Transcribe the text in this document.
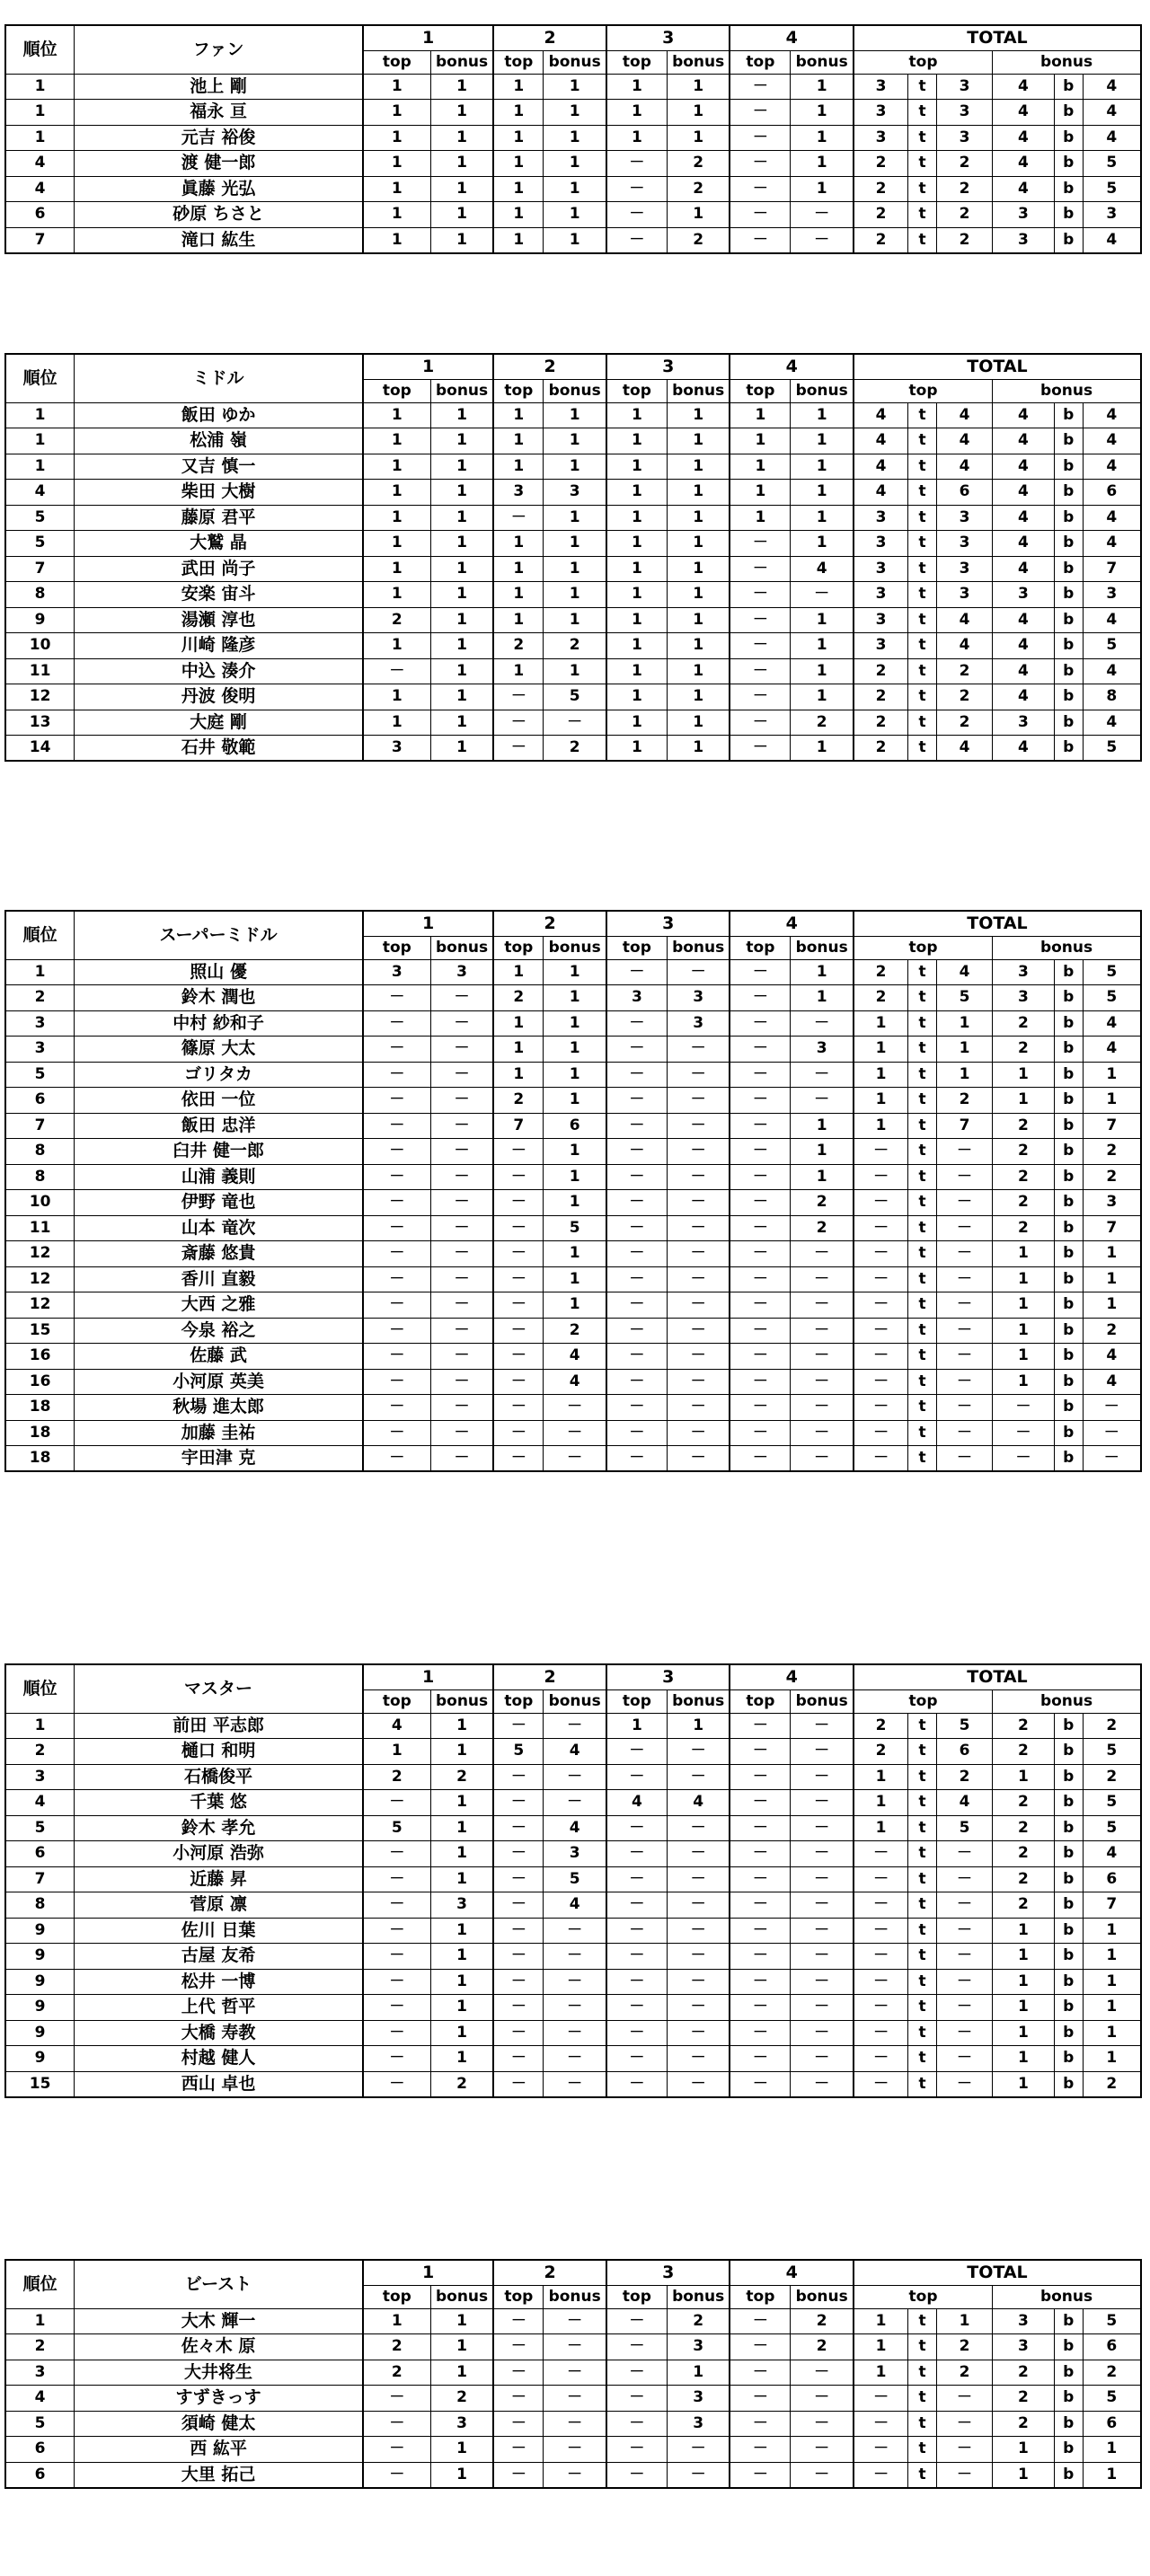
順位	ファン	1		2		3		4		TOTAL					
		top	bonus	top	bonus	top	bonus	top	bonus	top			bonus		
1	池上 剛	1	1	1	1	1	1	－	1	3	t	3	4	b	4
1	福永 亘	1	1	1	1	1	1	－	1	3	t	3	4	b	4
1	元吉 裕俊	1	1	1	1	1	1	－	1	3	t	3	4	b	4
4	渡 健一郎	1	1	1	1	－	2	－	1	2	t	2	4	b	5
4	眞藤 光弘	1	1	1	1	－	2	－	1	2	t	2	4	b	5
6	砂原 ちさと	1	1	1	1	－	1	－	－	2	t	2	3	b	3
7	滝口 紘生	1	1	1	1	－	2	－	－	2	t	2	3	b	4
順位	ミドル	1		2		3		4		TOTAL					
		top	bonus	top	bonus	top	bonus	top	bonus	top			bonus		
1	飯田 ゆか	1	1	1	1	1	1	1	1	4	t	4	4	b	4
1	松浦 嶺	1	1	1	1	1	1	1	1	4	t	4	4	b	4
1	又吉 慎一	1	1	1	1	1	1	1	1	4	t	4	4	b	4
4	柴田 大樹	1	1	3	3	1	1	1	1	4	t	6	4	b	6
5	藤原 君平	1	1	－	1	1	1	1	1	3	t	3	4	b	4
5	大鷲 晶	1	1	1	1	1	1	－	1	3	t	3	4	b	4
7	武田 尚子	1	1	1	1	1	1	－	4	3	t	3	4	b	7
8	安楽 宙斗	1	1	1	1	1	1	－	－	3	t	3	3	b	3
9	湯瀬 淳也	2	1	1	1	1	1	－	1	3	t	4	4	b	4
10	川崎 隆彦	1	1	2	2	1	1	－	1	3	t	4	4	b	5
11	中込 湊介	－	1	1	1	1	1	－	1	2	t	2	4	b	4
12	丹波 俊明	1	1	－	5	1	1	－	1	2	t	2	4	b	8
13	大庭 剛	1	1	－	－	1	1	－	2	2	t	2	3	b	4
14	石井 敬範	3	1	－	2	1	1	－	1	2	t	4	4	b	5
順位	スーパーミドル	1		2		3		4		TOTAL					
		top	bonus	top	bonus	top	bonus	top	bonus	top			bonus		
1	照山 優	3	3	1	1	－	－	－	1	2	t	4	3	b	5
2	鈴木 潤也	－	－	2	1	3	3	－	1	2	t	5	3	b	5
3	中村 紗和子	－	－	1	1	－	3	－	－	1	t	1	2	b	4
3	篠原 大太	－	－	1	1	－	－	－	3	1	t	1	2	b	4
5	ゴリタカ	－	－	1	1	－	－	－	－	1	t	1	1	b	1
6	依田 一位	－	－	2	1	－	－	－	－	1	t	2	1	b	1
7	飯田 忠洋	－	－	7	6	－	－	－	1	1	t	7	2	b	7
8	臼井 健一郎	－	－	－	1	－	－	－	1	－	t	－	2	b	2
8	山浦 義則	－	－	－	1	－	－	－	1	－	t	－	2	b	2
10	伊野 竜也	－	－	－	1	－	－	－	2	－	t	－	2	b	3
11	山本 竜次	－	－	－	5	－	－	－	2	－	t	－	2	b	7
12	斎藤 悠貴	－	－	－	1	－	－	－	－	－	t	－	1	b	1
12	香川 直毅	－	－	－	1	－	－	－	－	－	t	－	1	b	1
12	大西 之雅	－	－	－	1	－	－	－	－	－	t	－	1	b	1
15	今泉 裕之	－	－	－	2	－	－	－	－	－	t	－	1	b	2
16	佐藤 武	－	－	－	4	－	－	－	－	－	t	－	1	b	4
16	小河原 英美	－	－	－	4	－	－	－	－	－	t	－	1	b	4
18	秋場 進太郎	－	－	－	－	－	－	－	－	－	t	－	－	b	－
18	加藤 圭祐	－	－	－	－	－	－	－	－	－	t	－	－	b	－
18	宇田津 克	－	－	－	－	－	－	－	－	－	t	－	－	b	－
順位	マスター	1		2		3		4		TOTAL					
		top	bonus	top	bonus	top	bonus	top	bonus	top			bonus		
1	前田 平志郎	4	1	－	－	1	1	－	－	2	t	5	2	b	2
2	樋口 和明	1	1	5	4	－	－	－	－	2	t	6	2	b	5
3	石橋俊平	2	2	－	－	－	－	－	－	1	t	2	1	b	2
4	千葉 悠	－	1	－	－	4	4	－	－	1	t	4	2	b	5
5	鈴木 孝允	5	1	－	4	－	－	－	－	1	t	5	2	b	5
6	小河原 浩弥	－	1	－	3	－	－	－	－	－	t	－	2	b	4
7	近藤 昇	－	1	－	5	－	－	－	－	－	t	－	2	b	6
8	菅原 凛	－	3	－	4	－	－	－	－	－	t	－	2	b	7
9	佐川 日葉	－	1	－	－	－	－	－	－	－	t	－	1	b	1
9	古屋 友希	－	1	－	－	－	－	－	－	－	t	－	1	b	1
9	松井 一博	－	1	－	－	－	－	－	－	－	t	－	1	b	1
9	上代 哲平	－	1	－	－	－	－	－	－	－	t	－	1	b	1
9	大橋 寿教	－	1	－	－	－	－	－	－	－	t	－	1	b	1
9	村越 健人	－	1	－	－	－	－	－	－	－	t	－	1	b	1
15	西山 卓也	－	2	－	－	－	－	－	－	－	t	－	1	b	2
順位	ビースト	1		2		3		4		TOTAL					
		top	bonus	top	bonus	top	bonus	top	bonus	top			bonus		
1	大木 輝一	1	1	－	－	－	2	－	2	1	t	1	3	b	5
2	佐々木 原	2	1	－	－	－	3	－	2	1	t	2	3	b	6
3	大井将生	2	1	－	－	－	1	－	－	1	t	2	2	b	2
4	すずきっす	－	2	－	－	－	3	－	－	－	t	－	2	b	5
5	須崎 健太	－	3	－	－	－	3	－	－	－	t	－	2	b	6
6	西 紘平	－	1	－	－	－	－	－	－	－	t	－	1	b	1
6	大里 拓己	－	1	－	－	－	－	－	－	－	t	－	1	b	1
